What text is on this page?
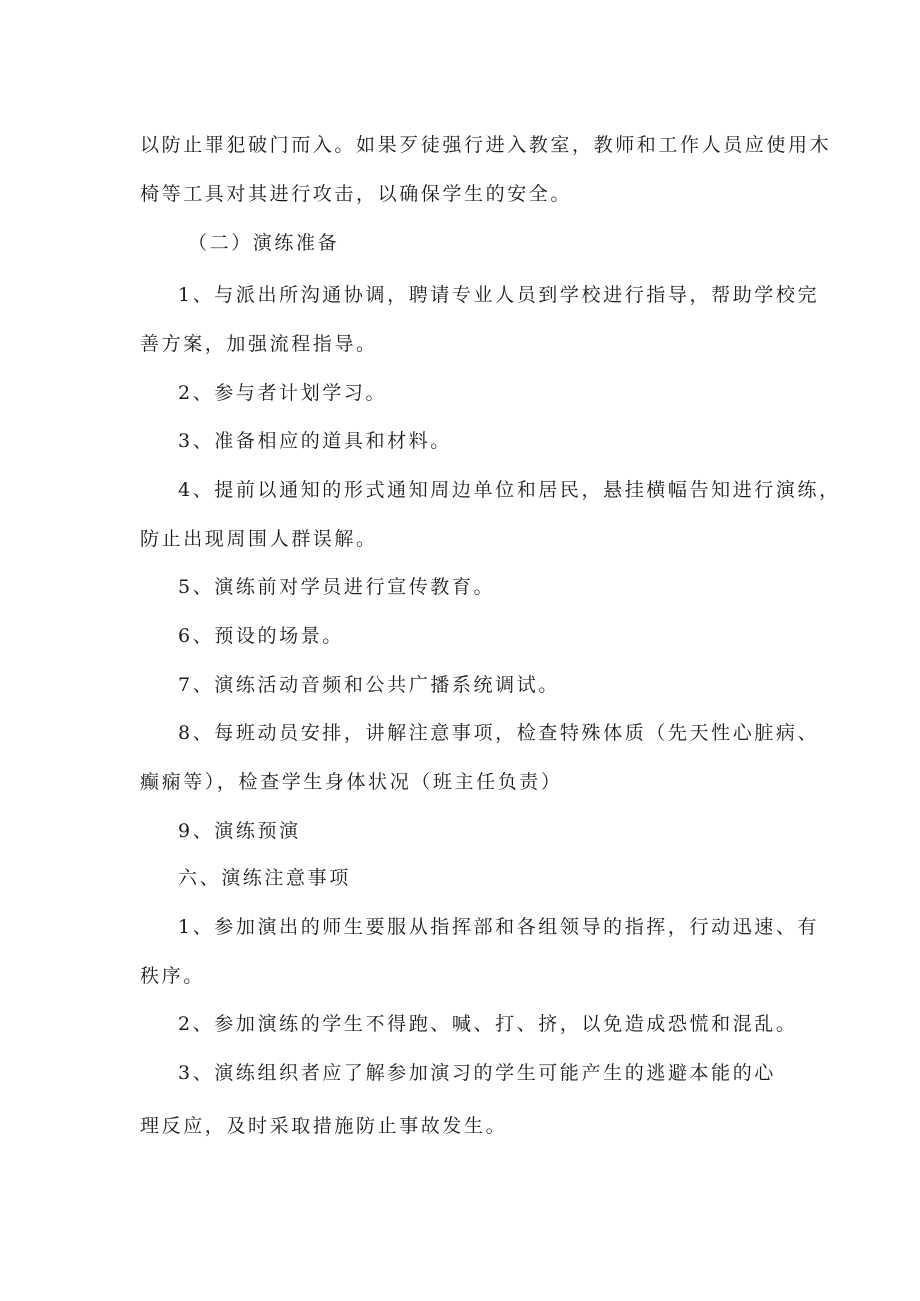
以防止罪犯破门而入。如果歹徒强行进入教室，教师和工作人员应使用木
椅等工具对其进行攻击，以确保学生的安全。
（二）演练准备
1、与派出所沟通协调，聘请专业人员到学校进行指导，帮助学校完
善方案，加强流程指导。
2、参与者计划学习。
3、准备相应的道具和材料。
4、提前以通知的形式通知周边单位和居民，悬挂横幅告知进行演练，
防止出现周围人群误解。
5、演练前对学员进行宣传教育。
6、预设的场景。
7、演练活动音频和公共广播系统调试。
8、每班动员安排，讲解注意事项，检查特殊体质（先天性心脏病、
癫痫等），检查学生身体状况（班主任负责）
9、演练预演
六、演练注意事项
1、参加演出的师生要服从指挥部和各组领导的指挥，行动迅速、有
秩序。
2、参加演练的学生不得跑、喊、打、挤，以免造成恐慌和混乱。
3、演练组织者应了解参加演习的学生可能产生的逃避本能的心
理反应，及时采取措施防止事故发生。
